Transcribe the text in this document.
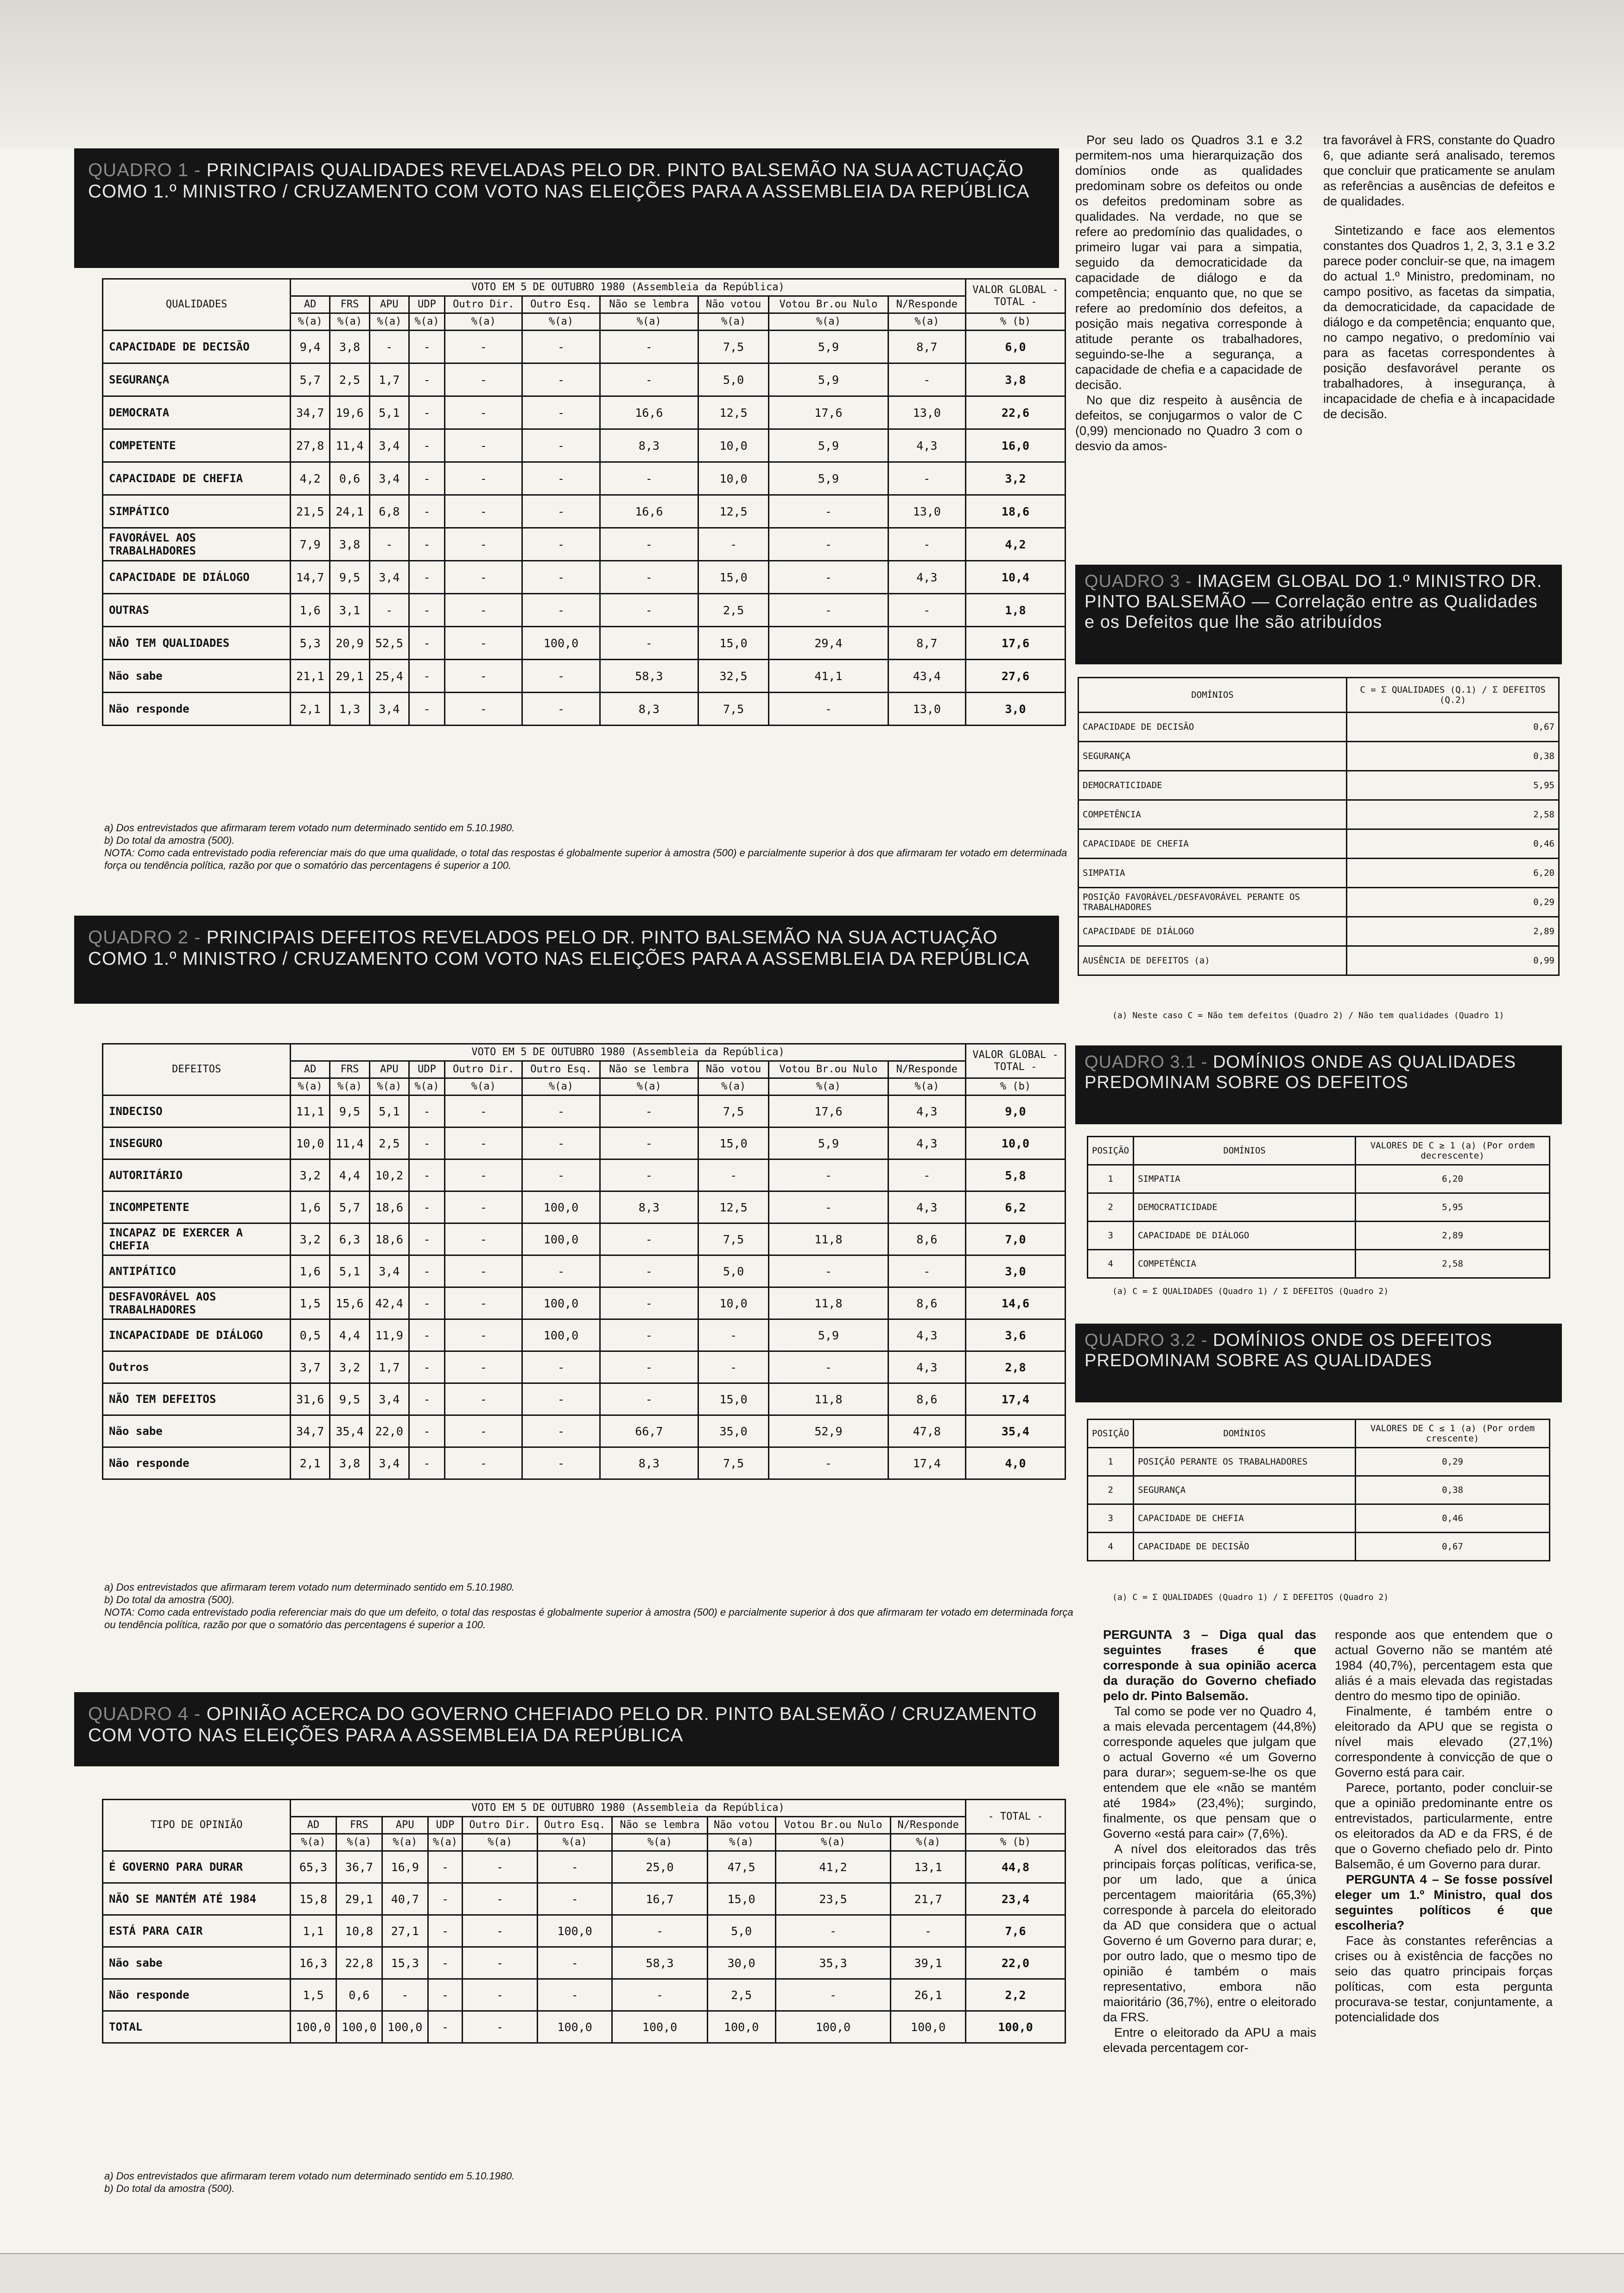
QUADRO 1 - PRINCIPAIS QUALIDADES REVELADAS PELO DR. PINTO BALSEMÃO NA SUA ACTUAÇÃO COMO 1.º MINISTRO / CRUZAMENTO COM VOTO NAS ELEIÇÕES PARA A ASSEMBLEIA DA REPÚBLICA
QUALIDADES	VOTO EM 5 DE OUTUBRO 1980 (Assembleia da República)										VALOR GLOBAL - TOTAL -
	AD	FRS	APU	UDP	Outro Dir.	Outro Esq.	Não se lembra	Não votou	Votou Br.ou Nulo	N/Responde	
	%(a)	%(a)	%(a)	%(a)	%(a)	%(a)	%(a)	%(a)	%(a)	%(a)	% (b)
CAPACIDADE DE DECISÃO	9,4	3,8	-	-	-	-	-	7,5	5,9	8,7	6,0
SEGURANÇA	5,7	2,5	1,7	-	-	-	-	5,0	5,9	-	3,8
DEMOCRATA	34,7	19,6	5,1	-	-	-	16,6	12,5	17,6	13,0	22,6
COMPETENTE	27,8	11,4	3,4	-	-	-	8,3	10,0	5,9	4,3	16,0
CAPACIDADE DE CHEFIA	4,2	0,6	3,4	-	-	-	-	10,0	5,9	-	3,2
SIMPÁTICO	21,5	24,1	6,8	-	-	-	16,6	12,5	-	13,0	18,6
FAVORÁVEL AOS TRABALHADORES	7,9	3,8	-	-	-	-	-	-	-	-	4,2
CAPACIDADE DE DIÁLOGO	14,7	9,5	3,4	-	-	-	-	15,0	-	4,3	10,4
OUTRAS	1,6	3,1	-	-	-	-	-	2,5	-	-	1,8
NÃO TEM QUALIDADES	5,3	20,9	52,5	-	-	100,0	-	15,0	29,4	8,7	17,6
Não sabe	21,1	29,1	25,4	-	-	-	58,3	32,5	41,1	43,4	27,6
Não responde	2,1	1,3	3,4	-	-	-	8,3	7,5	-	13,0	3,0
a) Dos entrevistados que afirmaram terem votado num determinado sentido em 5.10.1980.
b) Do total da amostra (500).
NOTA: Como cada entrevistado podia referenciar mais do que uma qualidade, o total das respostas é globalmente superior à amostra (500) e parcialmente superior à dos que afirmaram ter votado em determinada força ou tendência política, razão por que o somatório das percentagens é superior a 100.
QUADRO 2 - PRINCIPAIS DEFEITOS REVELADOS PELO DR. PINTO BALSEMÃO NA SUA ACTUAÇÃO COMO 1.º MINISTRO / CRUZAMENTO COM VOTO NAS ELEIÇÕES PARA A ASSEMBLEIA DA REPÚBLICA
DEFEITOS	VOTO EM 5 DE OUTUBRO 1980 (Assembleia da República)										VALOR GLOBAL - TOTAL -
	AD	FRS	APU	UDP	Outro Dir.	Outro Esq.	Não se lembra	Não votou	Votou Br.ou Nulo	N/Responde	
	%(a)	%(a)	%(a)	%(a)	%(a)	%(a)	%(a)	%(a)	%(a)	%(a)	% (b)
INDECISO	11,1	9,5	5,1	-	-	-	-	7,5	17,6	4,3	9,0
INSEGURO	10,0	11,4	2,5	-	-	-	-	15,0	5,9	4,3	10,0
AUTORITÁRIO	3,2	4,4	10,2	-	-	-	-	-	-	-	5,8
INCOMPETENTE	1,6	5,7	18,6	-	-	100,0	8,3	12,5	-	4,3	6,2
INCAPAZ DE EXERCER A CHEFIA	3,2	6,3	18,6	-	-	100,0	-	7,5	11,8	8,6	7,0
ANTIPÁTICO	1,6	5,1	3,4	-	-	-	-	5,0	-	-	3,0
DESFAVORÁVEL AOS TRABALHADORES	1,5	15,6	42,4	-	-	100,0	-	10,0	11,8	8,6	14,6
INCAPACIDADE DE DIÁLOGO	0,5	4,4	11,9	-	-	100,0	-	-	5,9	4,3	3,6
Outros	3,7	3,2	1,7	-	-	-	-	-	-	4,3	2,8
NÃO TEM DEFEITOS	31,6	9,5	3,4	-	-	-	-	15,0	11,8	8,6	17,4
Não sabe	34,7	35,4	22,0	-	-	-	66,7	35,0	52,9	47,8	35,4
Não responde	2,1	3,8	3,4	-	-	-	8,3	7,5	-	17,4	4,0
a) Dos entrevistados que afirmaram terem votado num determinado sentido em 5.10.1980.
b) Do total da amostra (500).
NOTA: Como cada entrevistado podia referenciar mais do que um defeito, o total das respostas é globalmente superior à amostra (500) e parcialmente superior à dos que afirmaram ter votado em determinada força ou tendência política, razão por que o somatório das percentagens é superior a 100.
QUADRO 4 - OPINIÃO ACERCA DO GOVERNO CHEFIADO PELO DR. PINTO BALSEMÃO / CRUZAMENTO COM VOTO NAS ELEIÇÕES PARA A ASSEMBLEIA DA REPÚBLICA
TIPO DE OPINIÃO	VOTO EM 5 DE OUTUBRO 1980 (Assembleia da República)										- TOTAL -
	AD	FRS	APU	UDP	Outro Dir.	Outro Esq.	Não se lembra	Não votou	Votou Br.ou Nulo	N/Responde	
	%(a)	%(a)	%(a)	%(a)	%(a)	%(a)	%(a)	%(a)	%(a)	%(a)	% (b)
É GOVERNO PARA DURAR	65,3	36,7	16,9	-	-	-	25,0	47,5	41,2	13,1	44,8
NÃO SE MANTÉM ATÉ 1984	15,8	29,1	40,7	-	-	-	16,7	15,0	23,5	21,7	23,4
ESTÁ PARA CAIR	1,1	10,8	27,1	-	-	100,0	-	5,0	-	-	7,6
Não sabe	16,3	22,8	15,3	-	-	-	58,3	30,0	35,3	39,1	22,0
Não responde	1,5	0,6	-	-	-	-	-	2,5	-	26,1	2,2
TOTAL	100,0	100,0	100,0	-	-	100,0	100,0	100,0	100,0	100,0	100,0
a) Dos entrevistados que afirmaram terem votado num determinado sentido em 5.10.1980.
b) Do total da amostra (500).

Por seu lado os Quadros 3.1 e 3.2 permitem-nos uma hierarquização dos domínios onde as qualidades predominam sobre os defeitos ou onde os defeitos predominam sobre as qualidades. Na verdade, no que se refere ao predomínio das qualidades, o primeiro lugar vai para a simpatia, seguido da democraticidade da capacidade de diálogo e da competência; enquanto que, no que se refere ao predomínio dos defeitos, a posição mais negativa corresponde à atitude perante os trabalhadores, seguindo-se-lhe a segurança, a capacidade de chefia e a capacidade de decisão.

No que diz respeito à ausência de defeitos, se conjugarmos o valor de C (0,99) mencionado no Quadro 3 com o desvio da amos-

tra favorável à FRS, constante do Quadro 6, que adiante será analisado, teremos que concluir que praticamente se anulam as referências a ausências de defeitos e de qualidades.

Sintetizando e face aos elementos constantes dos Quadros 1, 2, 3, 3.1 e 3.2 parece poder concluir-se que, na imagem do actual 1.º Ministro, predominam, no campo positivo, as facetas da simpatia, da democraticidade, da capacidade de diálogo e da competência; enquanto que, no campo negativo, o predomínio vai para as facetas correspondentes à posição desfavorável perante os trabalhadores, à insegurança, à incapacidade de chefia e à incapacidade de decisão.

QUADRO 3 - IMAGEM GLOBAL DO 1.º MINISTRO DR. PINTO BALSEMÃO — Correlação entre as Qualidades e os Defeitos que lhe são atribuídos
DOMÍNIOS	C = Σ QUALIDADES (Q.1) / Σ DEFEITOS (Q.2)
CAPACIDADE DE DECISÃO	0,67
SEGURANÇA	0,38
DEMOCRATICIDADE	5,95
COMPETÊNCIA	2,58
CAPACIDADE DE CHEFIA	0,46
SIMPATIA	6,20
POSIÇÃO FAVORÁVEL/DESFAVORÁVEL PERANTE OS TRABALHADORES	0,29
CAPACIDADE DE DIÁLOGO	2,89
AUSÊNCIA DE DEFEITOS (a)	0,99
(a) Neste caso C = Não tem defeitos (Quadro 2) / Não tem qualidades (Quadro 1)
QUADRO 3.1 - DOMÍNIOS ONDE AS QUALIDADES PREDOMINAM SOBRE OS DEFEITOS
POSIÇÃO	DOMÍNIOS	VALORES DE C ≥ 1 (a) (Por ordem decrescente)
1	SIMPATIA	6,20
2	DEMOCRATICIDADE	5,95
3	CAPACIDADE DE DIÁLOGO	2,89
4	COMPETÊNCIA	2,58
(a) C = Σ QUALIDADES (Quadro 1) / Σ DEFEITOS (Quadro 2)
QUADRO 3.2 - DOMÍNIOS ONDE OS DEFEITOS PREDOMINAM SOBRE AS QUALIDADES
POSIÇÃO	DOMÍNIOS	VALORES DE C ≤ 1 (a) (Por ordem crescente)
1	POSIÇÃO PERANTE OS TRABALHADORES	0,29
2	SEGURANÇA	0,38
3	CAPACIDADE DE CHEFIA	0,46
4	CAPACIDADE DE DECISÃO	0,67
(a) C = Σ QUALIDADES (Quadro 1) / Σ DEFEITOS (Quadro 2)

PERGUNTA 3 – Diga qual das seguintes frases é que corresponde à sua opinião acerca da duração do Governo chefiado pelo dr. Pinto Balsemão.

Tal como se pode ver no Quadro 4, a mais elevada percentagem (44,8%) corresponde aqueles que julgam que o actual Governo «é um Governo para durar»; seguem-se-lhe os que entendem que ele «não se mantém até 1984» (23,4%); surgindo, finalmente, os que pensam que o Governo «está para cair» (7,6%).

A nível dos eleitorados das três principais forças políticas, verifica-se, por um lado, que a única percentagem maioritária (65,3%) corresponde à parcela do eleitorado da AD que considera que o actual Governo é um Governo para durar; e, por outro lado, que o mesmo tipo de opinião é também o mais representativo, embora não maioritário (36,7%), entre o eleitorado da FRS.

Entre o eleitorado da APU a mais elevada percentagem cor-

responde aos que entendem que o actual Governo não se mantém até 1984 (40,7%), percentagem esta que aliás é a mais elevada das registadas dentro do mesmo tipo de opinião.

Finalmente, é também entre o eleitorado da APU que se regista o nível mais elevado (27,1%) correspondente à convicção de que o Governo está para cair.

Parece, portanto, poder concluir-se que a opinião predominante entre os entrevistados, particularmente, entre os eleitorados da AD e da FRS, é de que o Governo chefiado pelo dr. Pinto Balsemão, é um Governo para durar.

PERGUNTA 4 – Se fosse possível eleger um 1.º Ministro, qual dos seguintes políticos é que escolheria?

Face às constantes referências a crises ou à existência de facções no seio das quatro principais forças políticas, com esta pergunta procurava-se testar, conjuntamente, a potencialidade dos
